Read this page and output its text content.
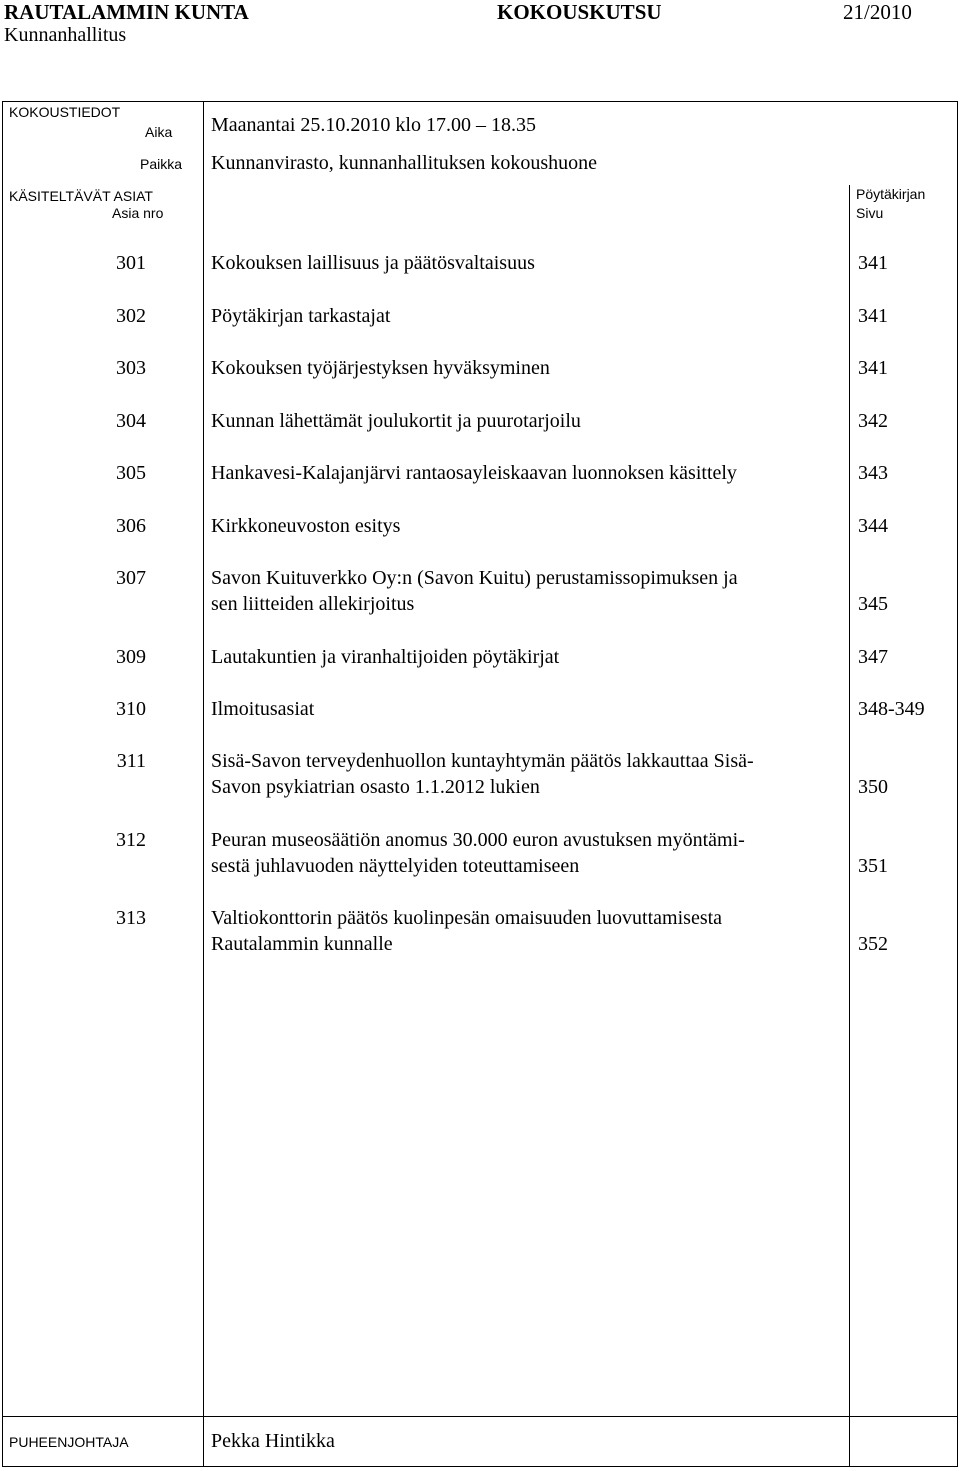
RAUTALAMMIN KUNTA	KOKOUSKUTSU	21/2010
Kunnanhallitus
KOKOUSTIEDOT
Aika Maanantai 25.10.2010 klo 17.00 – 18.35
Paikka Kunnanvirasto, kunnanhallituksen kokoushuone
KÄSITELTÄVÄT ASIAT
Asia nro
Pöytäkirjan
Sivu
301	Kokouksen laillisuus ja päätösvaltaisuus	341
302	Pöytäkirjan tarkastajat	341
303	Kokouksen työjärjestyksen hyväksyminen	341
304	Kunnan lähettämät joulukortit ja puurotarjoilu	342
305	Hankavesi-Kalajanjärvi rantaosayleiskaavan luonnoksen käsittely	343
306	Kirkkoneuvoston esitys	344
307	Savon Kuituverkko Oy:n (Savon Kuitu) perustamissopimuksen ja
sen liitteiden allekirjoitus	345
309	Lautakuntien ja viranhaltijoiden pöytäkirjat	347
310	Ilmoitusasiat	348-349
311	Sisä-Savon terveydenhuollon kuntayhtymän päätös lakkauttaa Sisä-
Savon psykiatrian osasto 1.1.2012 lukien	350
312	Peuran museosäätiön anomus 30.000 euron avustuksen myöntämi-
sestä juhlavuoden näyttelyiden toteuttamiseen	351
313	Valtiokonttorin päätös kuolinpesän omaisuuden luovuttamisesta
Rautalammin kunnalle	352
PUHEENJOHTAJA	Pekka Hintikka
